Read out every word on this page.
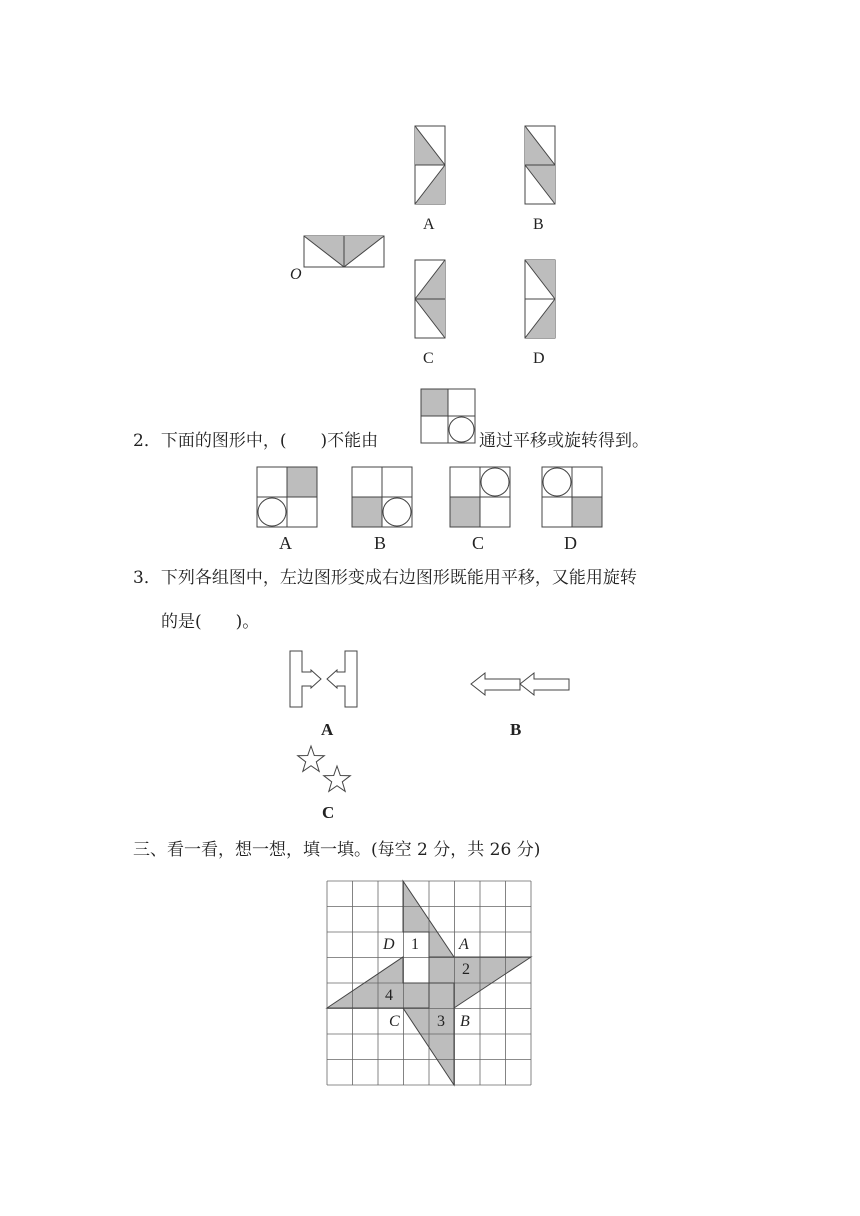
O
A	B
C	D
2．下面的图形中，(　　)不能由	通过平移或旋转得到。
A	B	C	D
3．下列各组图中，左边图形变成右边图形既能用平移，又能用旋转
的是(　　)。
A	B
C
三、看一看，想一想，填一填。(每空 2 分，共 26 分)
D	A
C	B
1
2
3
4
